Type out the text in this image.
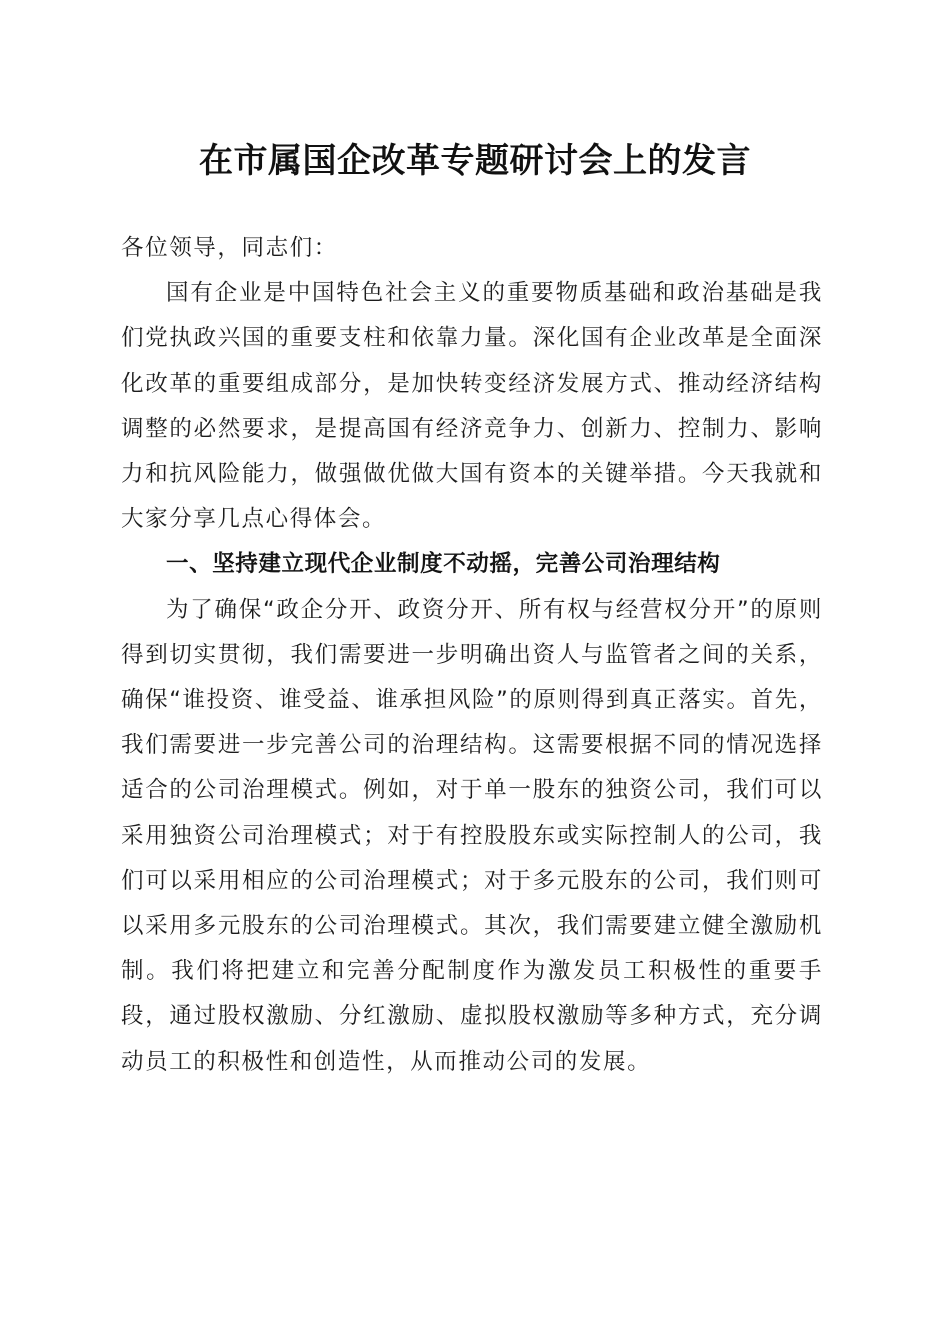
在市属国企改革专题研讨会上的发言

各位领导，同志们：

国有企业是中国特色社会主义的重要物质基础和政治基础是我们党执政兴国的重要支柱和依靠力量。深化国有企业改革是全面深化改革的重要组成部分，是加快转变经济发展方式、推动经济结构调整的必然要求，是提高国有经济竞争力、创新力、控制力、影响力和抗风险能力，做强做优做大国有资本的关键举措。今天我就和大家分享几点心得体会。

一、坚持建立现代企业制度不动摇，完善公司治理结构

为了确保“政企分开、政资分开、所有权与经营权分开”的原则得到切实贯彻，我们需要进一步明确出资人与监管者之间的关系，确保“谁投资、谁受益、谁承担风险”的原则得到真正落实。首先，我们需要进一步完善公司的治理结构。这需要根据不同的情况选择适合的公司治理模式。例如，对于单一股东的独资公司，我们可以采用独资公司治理模式；对于有控股股东或实际控制人的公司，我们可以采用相应的公司治理模式；对于多元股东的公司，我们则可以采用多元股东的公司治理模式。其次，我们需要建立健全激励机制。我们将把建立和完善分配制度作为激发员工积极性的重要手段，通过股权激励、分红激励、虚拟股权激励等多种方式，充分调动员工的积极性和创造性，从而推动公司的发展。
